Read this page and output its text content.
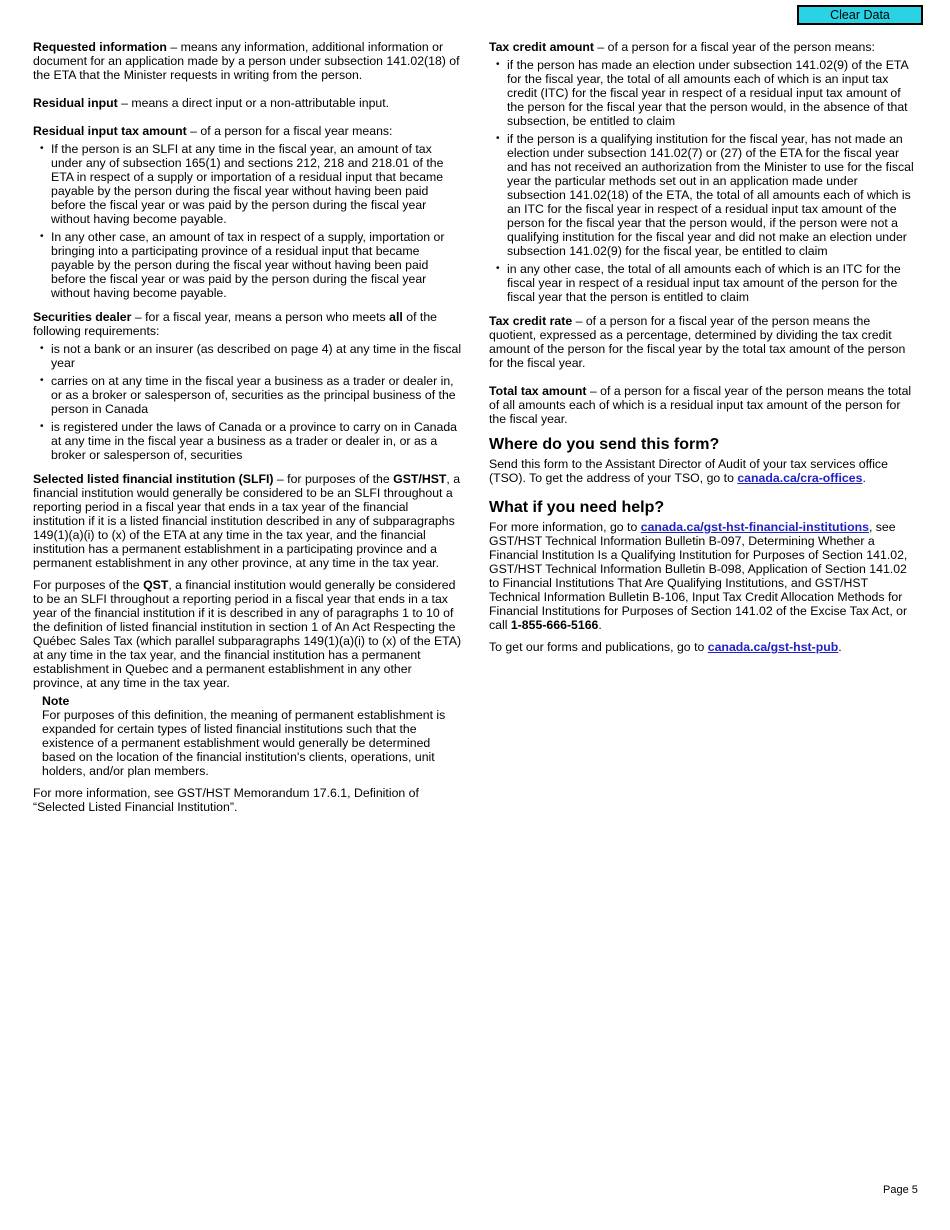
Clear Data

Requested information – means any information, additional information or document for an application made by a person under subsection 141.02(18) of the ETA that the Minister requests in writing from the person.

Residual input – means a direct input or a non-attributable input.

Residual input tax amount – of a person for a fiscal year means:

• If the person is an SLFI at any time in the fiscal year, an amount of tax under any of subsection 165(1) and sections 212, 218 and 218.01 of the ETA in respect of a supply or importation of a residual input that became payable by the person during the fiscal year without having been paid before the fiscal year or was paid by the person during the fiscal year without having become payable.
• In any other case, an amount of tax in respect of a supply, importation or bringing into a participating province of a residual input that became payable by the person during the fiscal year without having been paid before the fiscal year or was paid by the person during the fiscal year without having become payable.

Securities dealer – for a fiscal year, means a person who meets all of the following requirements:

• is not a bank or an insurer (as described on page 4) at any time in the fiscal year
• carries on at any time in the fiscal year a business as a trader or dealer in, or as a broker or salesperson of, securities as the principal business of the person in Canada
• is registered under the laws of Canada or a province to carry on in Canada at any time in the fiscal year a business as a trader or dealer in, or as a broker or salesperson of, securities

Selected listed financial institution (SLFI) – for purposes of the GST/HST, a financial institution would generally be considered to be an SLFI throughout a reporting period in a fiscal year that ends in a tax year of the financial institution if it is a listed financial institution described in any of subparagraphs 149(1)(a)(i) to (x) of the ETA at any time in the tax year, and the financial institution has a permanent establishment in a participating province and a permanent establishment in any other province, at any time in the tax year.

For purposes of the QST, a financial institution would generally be considered to be an SLFI throughout a reporting period in a fiscal year that ends in a tax year of the financial institution if it is described in any of paragraphs 1 to 10 of the definition of listed financial institution in section 1 of An Act Respecting the Québec Sales Tax (which parallel subparagraphs 149(1)(a)(i) to (x) of the ETA) at any time in the tax year, and the financial institution has a permanent establishment in Quebec and a permanent establishment in any other province, at any time in the tax year.

Note
For purposes of this definition, the meaning of permanent establishment is expanded for certain types of listed financial institutions such that the existence of a permanent establishment would generally be determined based on the location of the financial institution's clients, operations, unit holders, and/or plan members.

For more information, see GST/HST Memorandum 17.6.1, Definition of “Selected Listed Financial Institution”.

Tax credit amount – of a person for a fiscal year of the person means:

• if the person has made an election under subsection 141.02(9) of the ETA for the fiscal year, the total of all amounts each of which is an input tax credit (ITC) for the fiscal year in respect of a residual input tax amount of the person for the fiscal year that the person would, in the absence of that subsection, be entitled to claim
• if the person is a qualifying institution for the fiscal year, has not made an election under subsection 141.02(7) or (27) of the ETA for the fiscal year and has not received an authorization from the Minister to use for the fiscal year the particular methods set out in an application made under subsection 141.02(18) of the ETA, the total of all amounts each of which is an ITC for the fiscal year in respect of a residual input tax amount of the person for the fiscal year that the person would, if the person were not a qualifying institution for the fiscal year and did not make an election under subsection 141.02(9) for the fiscal year, be entitled to claim
• in any other case, the total of all amounts each of which is an ITC for the fiscal year in respect of a residual input tax amount of the person for the fiscal year that the person is entitled to claim

Tax credit rate – of a person for a fiscal year of the person means the quotient, expressed as a percentage, determined by dividing the tax credit amount of the person for the fiscal year by the total tax amount of the person for the fiscal year.

Total tax amount – of a person for a fiscal year of the person means the total of all amounts each of which is a residual input tax amount of the person for the fiscal year.

Where do you send this form?

Send this form to the Assistant Director of Audit of your tax services office (TSO). To get the address of your TSO, go to canada.ca/cra-offices.

What if you need help?

For more information, go to canada.ca/gst-hst-financial-institutions, see GST/HST Technical Information Bulletin B-097, Determining Whether a Financial Institution Is a Qualifying Institution for Purposes of Section 141.02, GST/HST Technical Information Bulletin B-098, Application of Section 141.02 to Financial Institutions That Are Qualifying Institutions, and GST/HST Technical Information Bulletin B-106, Input Tax Credit Allocation Methods for Financial Institutions for Purposes of Section 141.02 of the Excise Tax Act, or call 1-855-666-5166.

To get our forms and publications, go to canada.ca/gst-hst-pub.

Page 5
